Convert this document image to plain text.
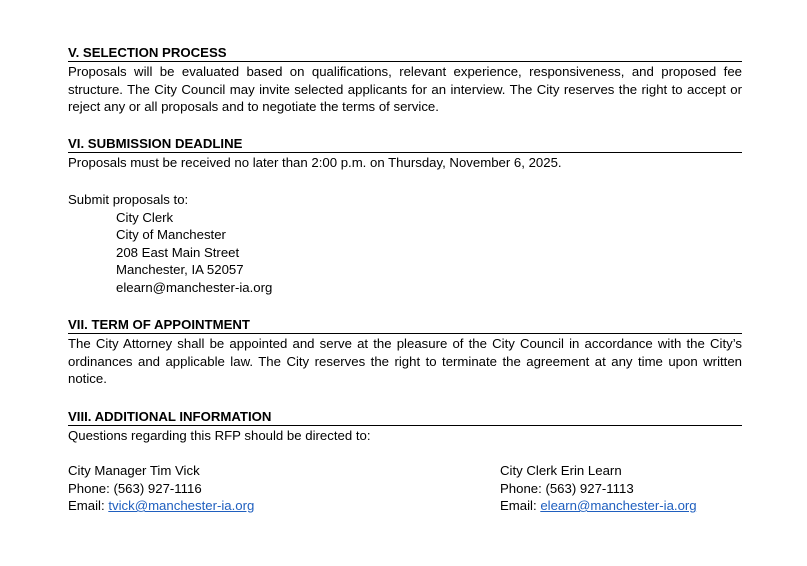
V. SELECTION PROCESS
Proposals will be evaluated based on qualifications, relevant experience, responsiveness, and proposed fee structure. The City Council may invite selected applicants for an interview. The City reserves the right to accept or reject any or all proposals and to negotiate the terms of service.
VI. SUBMISSION DEADLINE
Proposals must be received no later than 2:00 p.m. on Thursday, November 6, 2025.
Submit proposals to:
City Clerk
City of Manchester
208 East Main Street
Manchester, IA 52057
elearn@manchester-ia.org
VII. TERM OF APPOINTMENT
The City Attorney shall be appointed and serve at the pleasure of the City Council in accordance with the City’s ordinances and applicable law. The City reserves the right to terminate the agreement at any time upon written notice.
VIII. ADDITIONAL INFORMATION
Questions regarding this RFP should be directed to:
City Manager Tim Vick
Phone: (563) 927-1116
Email: tvick@manchester-ia.org
City Clerk Erin Learn
Phone: (563) 927-1113
Email: elearn@manchester-ia.org
